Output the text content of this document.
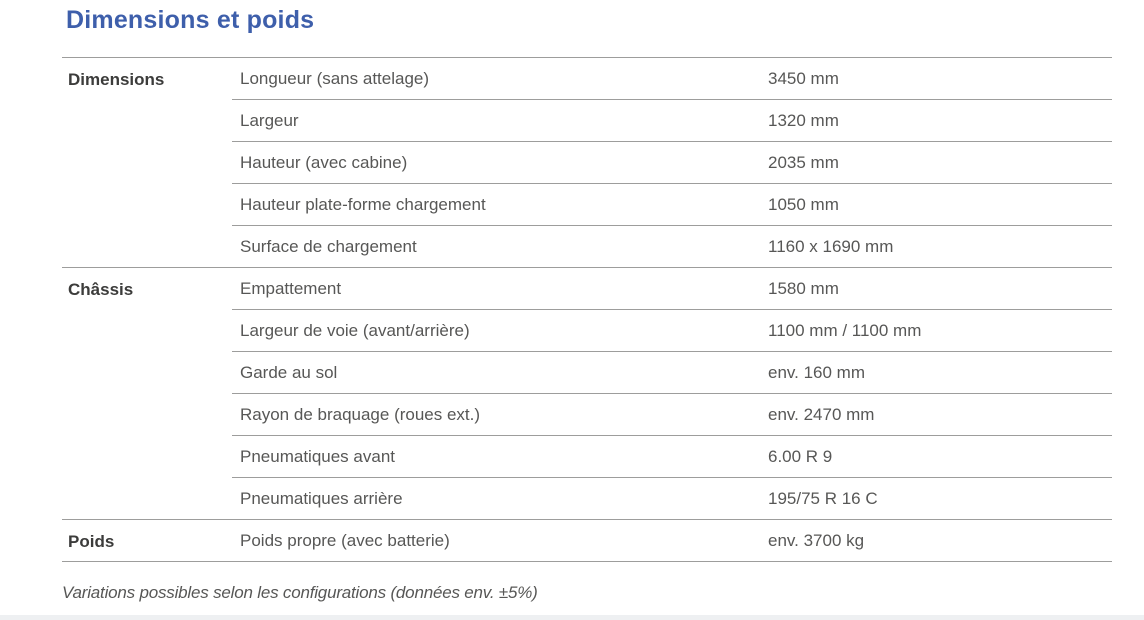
Dimensions et poids
Dimensions	Longueur (sans attelage)	3450 mm
	Largeur	1320 mm
	Hauteur (avec cabine)	2035 mm
	Hauteur plate-forme chargement	1050 mm
	Surface de chargement	1160 x 1690 mm
Châssis	Empattement	1580 mm
	Largeur de voie (avant/arrière)	1100 mm / 1100 mm
	Garde au sol	env. 160 mm
	Rayon de braquage (roues ext.)	env. 2470 mm
	Pneumatiques avant	6.00 R 9
	Pneumatiques arrière	195/75 R 16 C
Poids	Poids propre (avec batterie)	env. 3700 kg

Variations possibles selon les configurations (données env. ±5%)
